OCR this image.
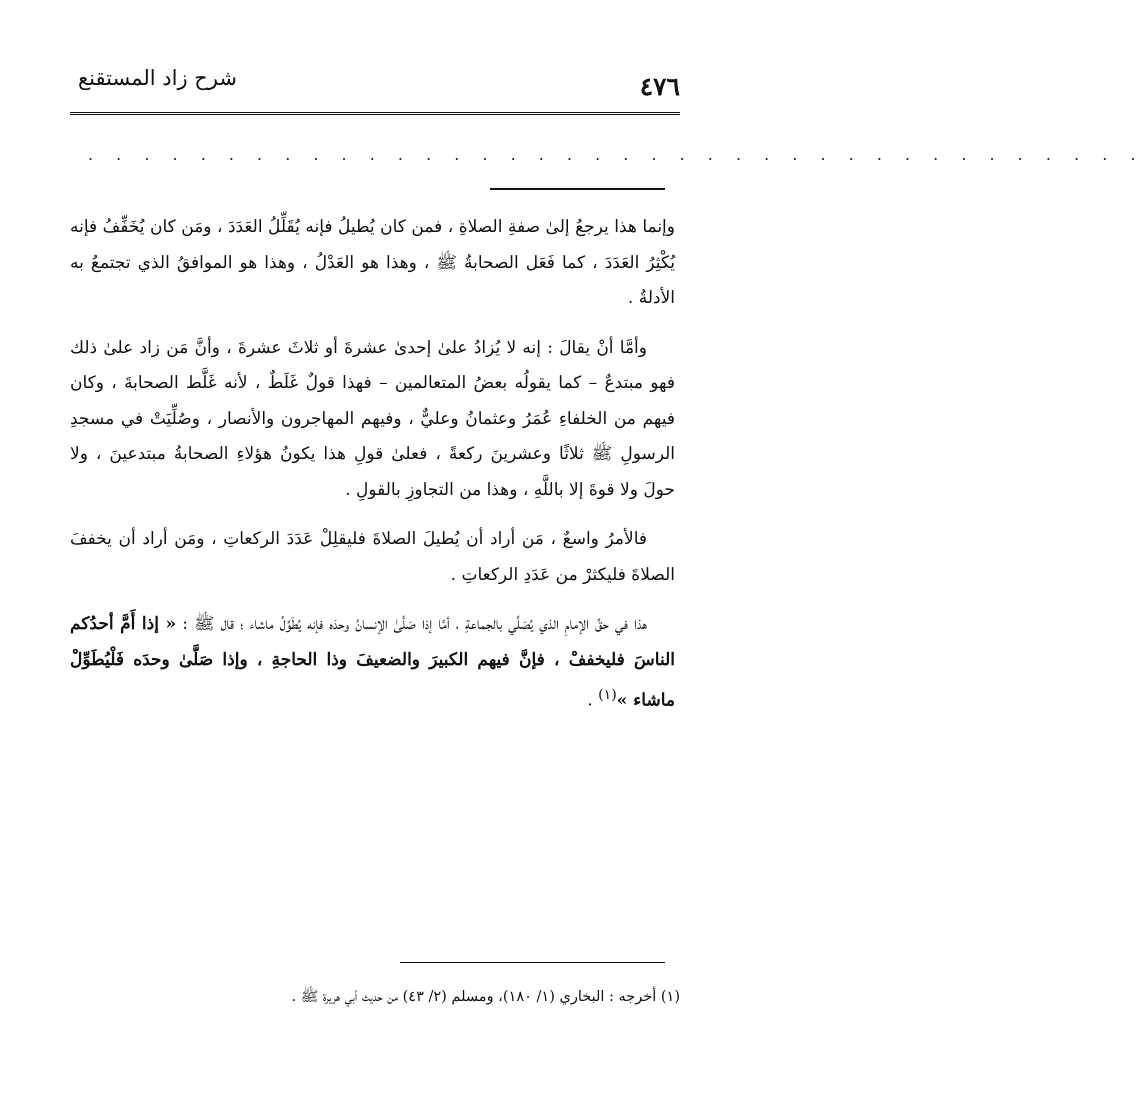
٤٧٦
شرح زاد المستقنع
. . . . . . . . . . . . . . . . . . . . . . . . . . . . . . . . . . . . . .

وإنما هذا يرجعُ إلىٰ صفةِ الصلاةِ ، فمن كان يُطيلُ فإنه يُقَلِّلُ العَدَدَ ، ومَن كان يُخَفِّفُ فإنه يُكْثِرُ العَدَدَ ، كما فَعَل الصحابةُ ﷺ ، وهذا هو العَدْلُ ، وهذا هو الموافقُ الذي تجتمعُ به الأدلةُ .

وأمَّا أنْ يقالَ : إنه لا يُزادُ علىٰ إحدىٰ عشرةَ أو ثلاثَ عشرةَ ، وأنَّ مَن زاد علىٰ ذلك فهو مبتدعٌ – كما يقولُه بعضُ المتعالمين – فهذا قولٌ غَلَطٌ ، لأنه غَلَّط الصحابةَ ، وكان فيهم من الخلفاءِ عُمَرُ وعثمانُ وعليٌّ ، وفيهم المهاجرون والأنصار ، وصُلِّيَتْ في مسجدِ الرسولِ ﷺ ثلاثًا وعشرينَ ركعةً ، فعلىٰ قولِ هذا يكونُ هؤلاءِ الصحابةُ مبتدعينَ ، ولا حولَ ولا قوةَ إلا باللَّهِ ، وهذا من التجاوزِ بالقولِ .

فالأمرُ واسعٌ ، مَن أراد أن يُطيلَ الصلاةَ فليقلِلْ عَدَدَ الركعاتِ ، ومَن أراد أن يخففَ الصلاةَ فليكثرْ من عَدَدِ الركعاتِ .

هذا في حقِّ الإمامِ الذي يُصَلِّي بالجماعةِ ، أمَّا إذا صَلَّىٰ الإنسانُ وحدَه فإنه يُطَوِّلُ ماشاء ؛ قال ﷺ : « إذا أَمَّ أحدُكم الناسَ فليخففْ ، فإنَّ فيهم الكبيرَ والضعيفَ وذا الحاجةِ ، وإذا صَلَّىٰ وحدَه فَلْيُطَوِّلْ ماشاء »$^{(١)}$ .

(١) أخرجه : البخاري (١/ ١٨٠)، ومسلم (٢/ ٤٣) من حديث أبي هريرة ﷺ .
